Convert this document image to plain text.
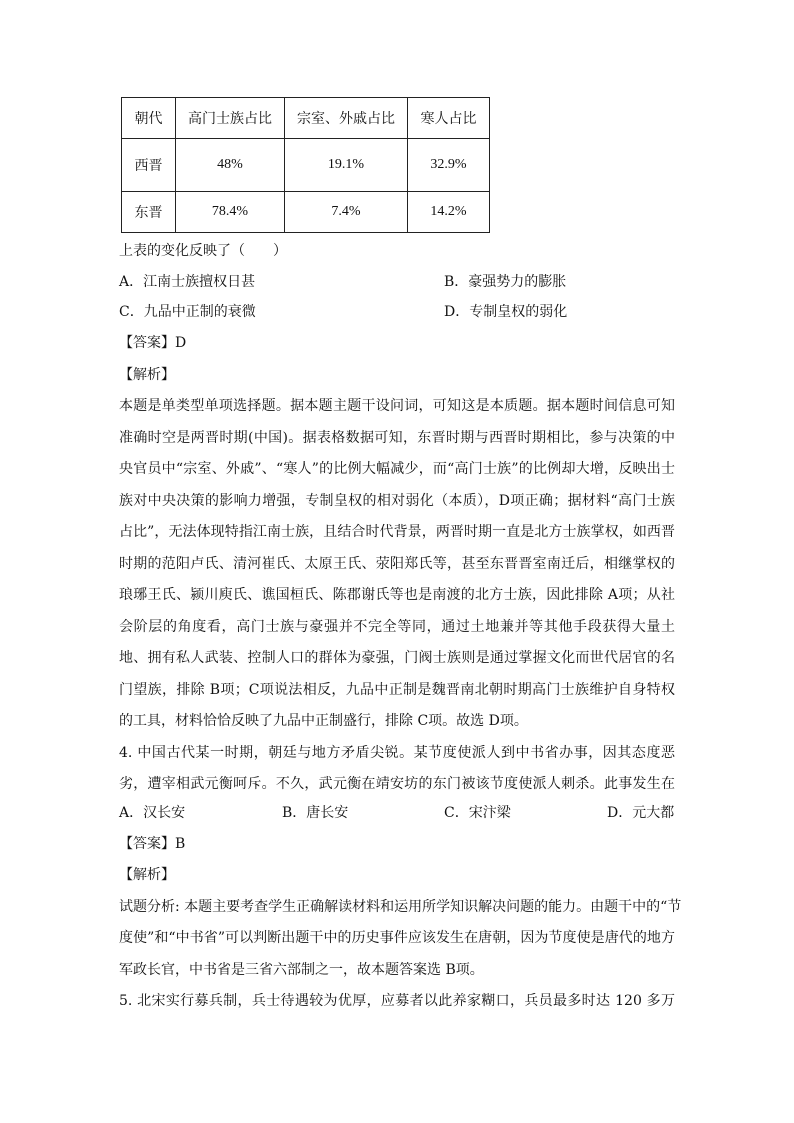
朝代	高门士族占比	宗室、外戚占比	寒人占比
西晋	48%	19.1%	32.9%
东晋	78.4%	7.4%	14.2%
上表的变化反映了（　　）
A．江南士族擅权日甚	B．豪强势力的膨胀
C．九品中正制的衰微	D．专制皇权的弱化
【答案】D
【解析】
本题是单类型单项选择题。据本题主题干设问词，可知这是本质题。据本题时间信息可知
准确时空是两晋时期(中国)。据表格数据可知，东晋时期与西晋时期相比，参与决策的中
央官员中“宗室、外戚”、“寒人”的比例大幅减少，而“高门士族”的比例却大增，反映出士
族对中央决策的影响力增强，专制皇权的相对弱化（本质），D项正确；据材料“高门士族
占比”，无法体现特指江南士族，且结合时代背景，两晋时期一直是北方士族掌权，如西晋
时期的范阳卢氏、清河崔氏、太原王氏、荥阳郑氏等，甚至东晋晋室南迁后，相继掌权的
琅琊王氏、颍川庾氏、谯国桓氏、陈郡谢氏等也是南渡的北方士族，因此排除 A项；从社
会阶层的角度看，高门士族与豪强并不完全等同，通过土地兼并等其他手段获得大量土
地、拥有私人武装、控制人口的群体为豪强，门阀士族则是通过掌握文化而世代居官的名
门望族，排除 B项；C项说法相反，九品中正制是魏晋南北朝时期高门士族维护自身特权
的工具，材料恰恰反映了九品中正制盛行，排除 C项。故选 D项。
4. 中国古代某一时期，朝廷与地方矛盾尖锐。某节度使派人到中书省办事，因其态度恶
劣，遭宰相武元衡呵斥。不久，武元衡在靖安坊的东门被该节度使派人刺杀。此事发生在
A．汉长安	B．唐长安	C．宋汴梁	D．元大都
【答案】B
【解析】
试题分析: 本题主要考查学生正确解读材料和运用所学知识解决问题的能力。由题干中的“节
度使”和“中书省”可以判断出题干中的历史事件应该发生在唐朝，因为节度使是唐代的地方
军政长官，中书省是三省六部制之一，故本题答案选 B项。
5. 北宋实行募兵制，兵士待遇较为优厚，应募者以此养家糊口，兵员最多时达 120 多万
